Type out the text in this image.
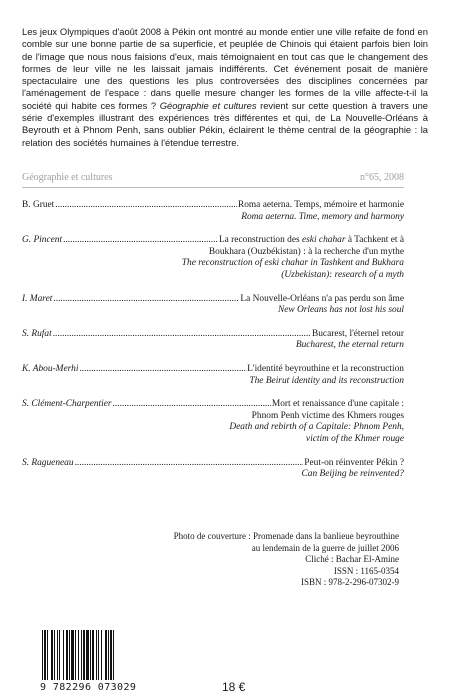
Les jeux Olympiques d'août 2008 à Pékin ont montré au monde entier une ville refaite de fond en comble sur une bonne partie de sa superficie, et peuplée de Chinois qui étaient parfois bien loin de l'image que nous nous faisions d'eux, mais témoignaient en tout cas que le changement des formes de leur ville ne les laissait jamais indifférents. Cet événement posait de manière spectaculaire une des questions les plus controversées des disciplines concernées par l'aménagement de l'espace : dans quelle mesure changer les formes de la ville affecte-t-il la société qui habite ces formes ? Géographie et cultures revient sur cette question à travers une série d'exemples illustrant des expériences très différentes et qui, de La Nouvelle-Orléans à Beyrouth et à Phnom Penh, sans oublier Pékin, éclairent le thème central de la géographie : la relation des sociétés humaines à l'étendue terrestre.

Géographie et cultures	n°65, 2008
B. Gruet .....	Roma aeterna. Temps, mémoire et harmonie
Roma aeterna. Time, memory and harmony
G. Pincent .....	La reconstruction des eski chahar à Tachkent et à
Boukhara (Ouzbékistan) : à la recherche d'un mythe
The reconstruction of eski chahar in Tashkent and Bukhara
(Uzbekistan): research of a myth
I. Maret .....	La Nouvelle-Orléans n'a pas perdu son âme
New Orleans has not lost his soul
S. Rufat .....	Bucarest, l'éternel retour
Bucharest, the eternal return
K. Abou-Merhi .....	L'identité beyrouthine et la reconstruction
The Beirut identity and its reconstruction
S. Clément-Charpentier .....	Mort et renaissance d'une capitale :
Phnom Penh victime des Khmers rouges
Death and rebirth of a Capitale: Phnom Penh,
victim of the Khmer rouge
S. Ragueneau .....	Peut-on réinventer Pékin ?
Can Beijing be reinvented?
Photo de couverture : Promenade dans la banlieue beyrouthine
au lendemain de la guerre de juillet 2006
Cliché : Bachar El-Amine
ISSN : 1165-0354
ISBN : 978-2-296-07302-9
9 782296 073029	18 €
